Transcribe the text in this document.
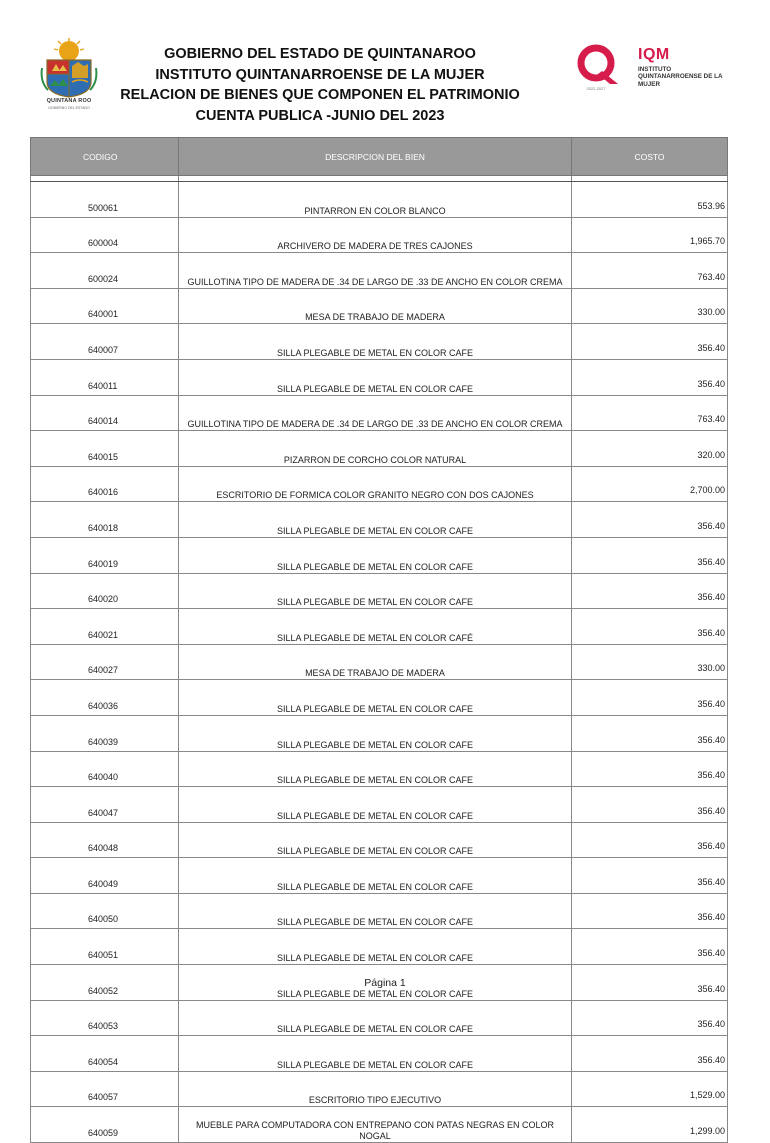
QUINTANA ROO
GOBIERNO DEL ESTADO
GOBIERNO DEL ESTADO DE QUINTANAROO
INSTITUTO QUINTANARROENSE DE LA MUJER
RELACION DE BIENES QUE COMPONEN EL PATRIMONIO
CUENTA PUBLICA -JUNIO DEL 2023
IQM
INSTITUTO QUINTANARROENSE DE LA MUJER
2022-2027
CODIGO	DESCRIPCION DEL BIEN	COSTO

500061	PINTARRON EN COLOR BLANCO	553.96
600004	ARCHIVERO DE MADERA DE TRES CAJONES	1,965.70
600024	GUILLOTINA TIPO DE MADERA DE .34 DE LARGO DE .33 DE ANCHO EN COLOR CREMA	763.40
640001	MESA DE TRABAJO DE MADERA	330.00
640007	SILLA PLEGABLE DE METAL EN COLOR CAFE	356.40
640011	SILLA PLEGABLE DE METAL EN COLOR CAFE	356.40
640014	GUILLOTINA TIPO DE MADERA DE .34 DE LARGO DE .33 DE ANCHO EN COLOR CREMA	763.40
640015	PIZARRON DE CORCHO COLOR NATURAL	320.00
640016	ESCRITORIO DE FORMICA COLOR GRANITO NEGRO CON DOS CAJONES	2,700.00
640018	SILLA PLEGABLE DE METAL EN COLOR CAFE	356.40
640019	SILLA PLEGABLE DE METAL EN COLOR CAFE	356.40
640020	SILLA PLEGABLE DE METAL EN COLOR CAFE	356.40
640021	SILLA PLEGABLE DE METAL EN COLOR CAFÉ	356.40
640027	MESA DE TRABAJO DE MADERA	330.00
640036	SILLA PLEGABLE DE METAL EN COLOR CAFE	356.40
640039	SILLA PLEGABLE DE METAL EN COLOR CAFE	356.40
640040	SILLA PLEGABLE DE METAL EN COLOR CAFE	356.40
640047	SILLA PLEGABLE DE METAL EN COLOR CAFE	356.40
640048	SILLA PLEGABLE DE METAL EN COLOR CAFE	356.40
640049	SILLA PLEGABLE DE METAL EN COLOR CAFE	356.40
640050	SILLA PLEGABLE DE METAL EN COLOR CAFE	356.40
640051	SILLA PLEGABLE DE METAL EN COLOR CAFE	356.40
640052	SILLA PLEGABLE DE METAL EN COLOR CAFE	356.40
640053	SILLA PLEGABLE DE METAL EN COLOR CAFE	356.40
640054	SILLA PLEGABLE DE METAL EN COLOR CAFE	356.40
640057	ESCRITORIO TIPO EJECUTIVO	1,529.00
640059	MUEBLE PARA COMPUTADORA CON ENTREPANO CON PATAS NEGRAS EN COLOR NOGAL	1,299.00
Página 1
